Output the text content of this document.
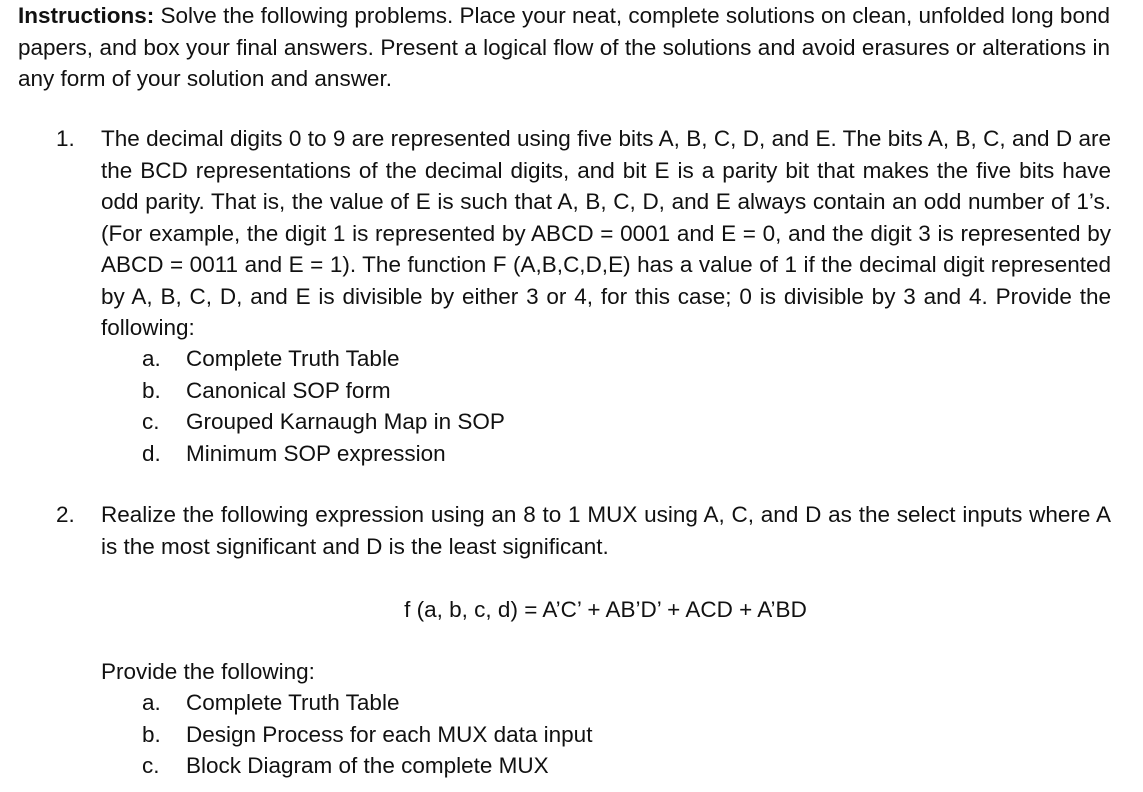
Instructions: Solve the following problems. Place your neat, complete solutions on clean, unfolded long bond papers, and box your final answers. Present a logical flow of the solutions and avoid erasures or alterations in any form of your solution and answer.
1.	The decimal digits 0 to 9 are represented using five bits A, B, C, D, and E. The bits A, B, C, and D are the BCD representations of the decimal digits, and bit E is a parity bit that makes the five bits have odd parity. That is, the value of E is such that A, B, C, D, and E always contain an odd number of 1’s. (For example, the digit 1 is represented by ABCD = 0001 and E = 0, and the digit 3 is represented by ABCD = 0011 and E = 1). The function F (A,B,C,D,E) has a value of 1 if the decimal digit represented by A, B, C, D, and E is divisible by either 3 or 4, for this case; 0 is divisible by 3 and 4. Provide the following:
a.	Complete Truth Table
b.	Canonical SOP form
c.	Grouped Karnaugh Map in SOP
d.	Minimum SOP expression
2.	Realize the following expression using an 8 to 1 MUX using A, C, and D as the select inputs where A is the most significant and D is the least significant.
f (a, b, c, d) = A’C’ + AB’D’ + ACD + A’BD
Provide the following:
a.	Complete Truth Table
b.	Design Process for each MUX data input
c.	Block Diagram of the complete MUX
